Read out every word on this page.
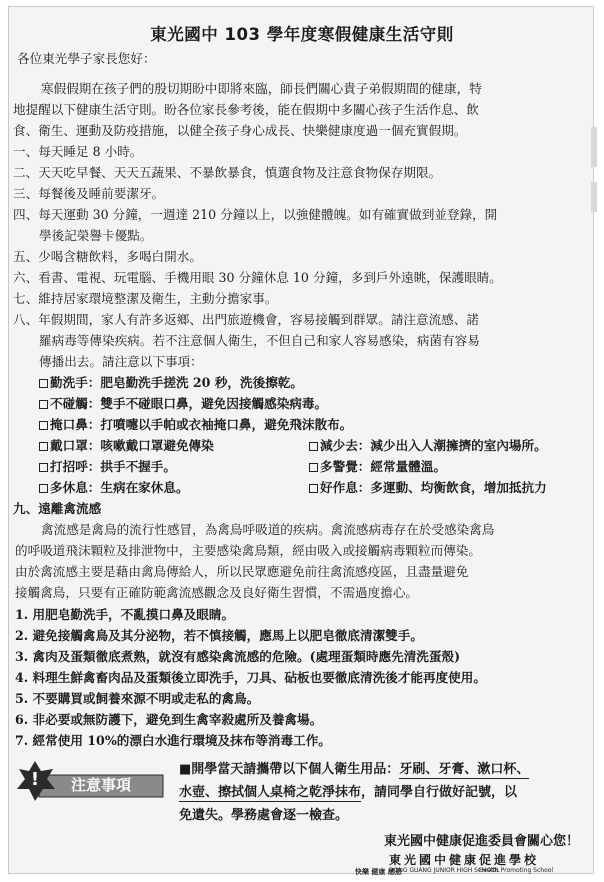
東光國中 103 學年度寒假健康生活守則
各位東光學子家長您好：
寒假假期在孩子們的殷切期盼中即將來臨，師長們關心貴子弟假期間的健康，特
地提醒以下健康生活守則。盼各位家長參考後，能在假期中多關心孩子生活作息、飲
食、衛生、運動及防疫措施，以健全孩子身心成長、快樂健康度過一個充實假期。
一、每天睡足 8 小時。
二、天天吃早餐、天天五蔬果、不暴飲暴食，慎選食物及注意食物保存期限。
三、每餐後及睡前要潔牙。
四、每天運動 30 分鐘，一週達 210 分鐘以上，以強健體魄。如有確實做到並登錄，開
學後記榮譽卡優點。
五、少喝含糖飲料，多喝白開水。
六、看書、電視、玩電腦、手機用眼 30 分鐘休息 10 分鐘，多到戶外遠眺，保護眼睛。
七、維持居家環境整潔及衛生，主動分擔家事。
八、年假期間，家人有許多返鄉、出門旅遊機會，容易接觸到群眾。請注意流感、諾
羅病毒等傳染疾病。若不注意個人衛生，不但自己和家人容易感染，病菌有容易
傳播出去。請注意以下事項：
勤洗手：肥皂勤洗手搓洗 20 秒，洗後擦乾。
不碰觸：雙手不碰眼口鼻，避免因接觸感染病毒。
掩口鼻：打噴嚏以手帕或衣袖掩口鼻，避免飛沫散布。
戴口罩：咳嗽戴口罩避免傳染	減少去：減少出入人潮擁擠的室內場所。
打招呼：拱手不握手。	多警覺：經常量體溫。
多休息：生病在家休息。	好作息：多運動、均衡飲食，增加抵抗力
九、遠離禽流感
禽流感是禽鳥的流行性感冒，為禽鳥呼吸道的疾病。禽流感病毒存在於受感染禽鳥
的呼吸道飛沫顆粒及排泄物中，主要感染禽鳥類，經由吸入或接觸病毒顆粒而傳染。
由於禽流感主要是藉由禽鳥傳給人，所以民眾應避免前往禽流感疫區，且盡量避免
接觸禽鳥，只要有正確防範禽流感觀念及良好衛生習慣，不需過度擔心。
1. 用肥皂勤洗手，不亂摸口鼻及眼睛。
2. 避免接觸禽鳥及其分泌物，若不慎接觸，應馬上以肥皂徹底清潔雙手。
3. 禽肉及蛋類徹底煮熟，就沒有感染禽流感的危險。(處理蛋類時應先清洗蛋殼)
4. 料理生鮮禽畜肉品及蛋類後立即洗手，刀具、砧板也要徹底清洗後才能再度使用。
5. 不要購買或飼養來源不明或走私的禽鳥。
6. 非必要或無防護下，避免到生禽宰殺處所及養禽場。
7. 經常使用 10%的漂白水進行環境及抹布等消毒工作。
! 注意事項
■開學當天請攜帶以下個人衛生用品：牙刷、牙膏、漱口杯、
水壺、擦拭個人桌椅之乾淨抹布，請同學自行做好記號，以
免遺失。學務處會逐一檢查。
東光國中健康促進委員會關心您！
東光國中健康促進學校
DONG GUANG JUNIOR HIGH SCHOOL
快樂 健康 感恩	Health Promoting School
